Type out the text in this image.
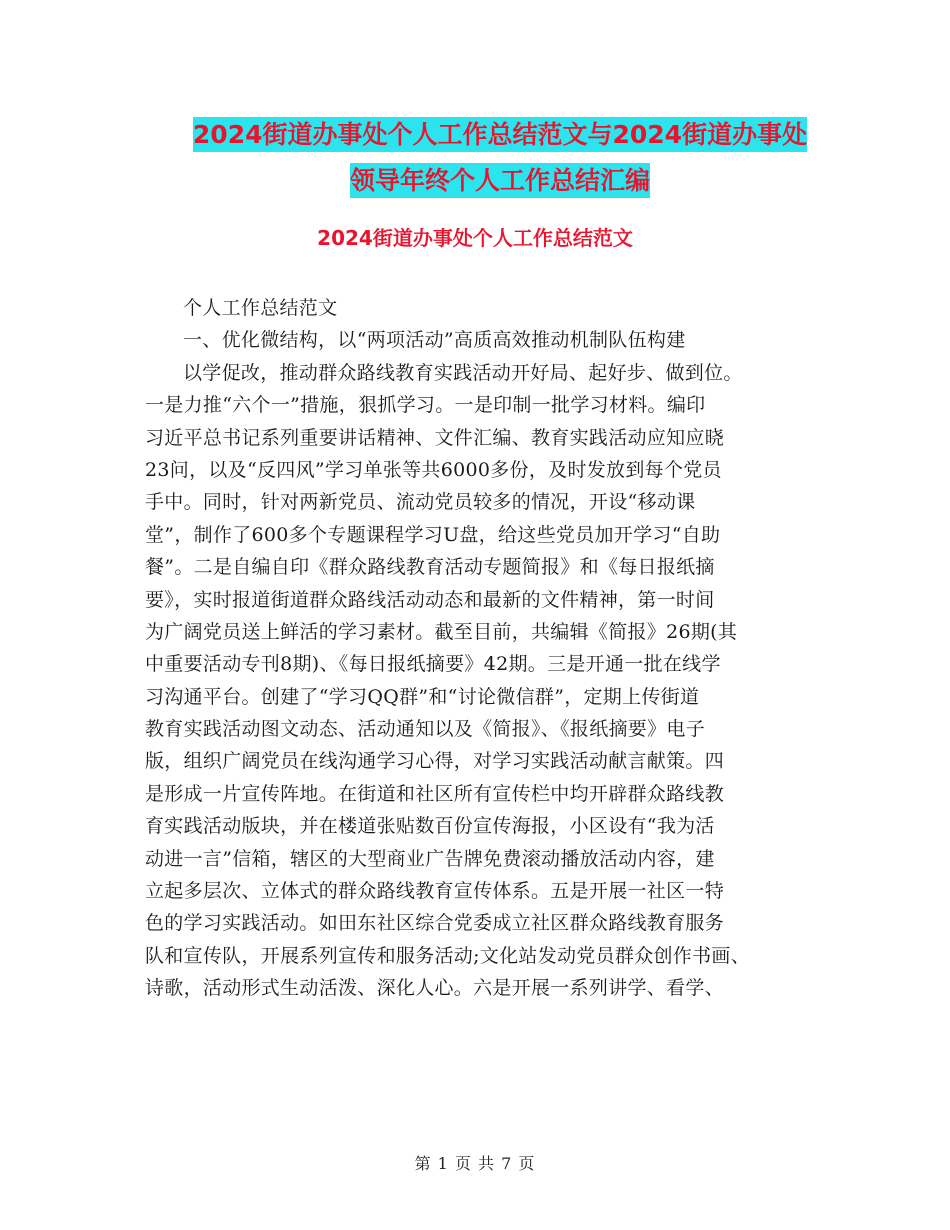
2024街道办事处个人工作总结范文与2024街道办事处
领导年终个人工作总结汇编
2024街道办事处个人工作总结范文
个人工作总结范文
一、优化微结构，以“两项活动”高质高效推动机制队伍构建
以学促改，推动群众路线教育实践活动开好局、起好步、做到位。
一是力推“六个一”措施，狠抓学习。一是印制一批学习材料。编印
习近平总书记系列重要讲话精神、文件汇编、教育实践活动应知应晓
23问，以及“反四风”学习单张等共6000多份，及时发放到每个党员
手中。同时，针对两新党员、流动党员较多的情况，开设“移动课
堂”，制作了600多个专题课程学习U盘，给这些党员加开学习“自助
餐”。二是自编自印《群众路线教育活动专题简报》和《每日报纸摘
要》，实时报道街道群众路线活动动态和最新的文件精神，第一时间
为广阔党员送上鲜活的学习素材。截至目前，共编辑《简报》26期(其
中重要活动专刊8期)、《每日报纸摘要》42期。三是开通一批在线学
习沟通平台。创建了“学习QQ群”和“讨论微信群”，定期上传街道
教育实践活动图文动态、活动通知以及《简报》、《报纸摘要》电子
版，组织广阔党员在线沟通学习心得，对学习实践活动献言献策。四
是形成一片宣传阵地。在街道和社区所有宣传栏中均开辟群众路线教
育实践活动版块，并在楼道张贴数百份宣传海报，小区设有“我为活
动进一言”信箱，辖区的大型商业广告牌免费滚动播放活动内容，建
立起多层次、立体式的群众路线教育宣传体系。五是开展一社区一特
色的学习实践活动。如田东社区综合党委成立社区群众路线教育服务
队和宣传队，开展系列宣传和服务活动;文化站发动党员群众创作书画、
诗歌，活动形式生动活泼、深化人心。六是开展一系列讲学、看学、
第 1 页 共 7 页
